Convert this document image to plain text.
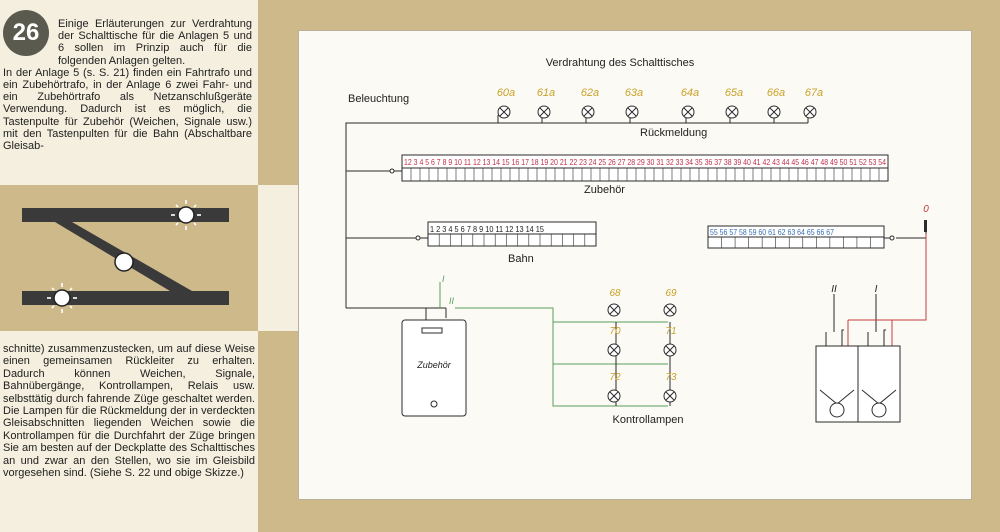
26	Einige Erläuterungen zur Verdrahtung der Schalttische für die Anlagen 5 und 6 sollen im Prinzip auch für die folgenden Anlagen gelten.
In der Anlage 5 (s. S. 21) finden ein Fahrtrafo und ein Zubehörtrafo, in der Anlage 6 zwei Fahr- und ein Zubehörtrafo als Netzanschlußgeräte Verwendung. Dadurch ist es möglich, die Tastenpulte für Zubehör (Weichen, Signale usw.) mit den Tastenpulten für die Bahn (Abschaltbare Gleisab-
schnitte) zusammenzustecken, um auf diese Weise einen gemeinsamen Rückleiter zu erhalten. Dadurch können Weichen, Signale, Bahnübergänge, Kontrollampen, Relais usw. selbsttätig durch fahrende Züge geschaltet werden. Die Lampen für die Rückmeldung der in verdeckten Gleisabschnitten liegenden Weichen sowie die Kontrollampen für die Durchfahrt der Züge bringen Sie am besten auf der Deckplatte des Schalttisches an und zwar an den Stellen, wo sie im Gleisbild vorgesehen sind. (Siehe S. 22 und obige Skizze.)
Verdrahtung des Schalttisches
Beleuchtung	60a 61a 62a 63a	64a 65a 66a 67a
Rückmeldung
12 3 4 5 6 7 8 9 10 11 12 13 14 15 16 17 18 19 20 21 22 23 24 25 26 27 28 29 30 31 32 33 34 35 36 37 38 39 40 41 42 43 44 45 46 47 48 49 50 51 52 53 54
Zubehör
1 2 3 4 5 6 7 8 9 10 11 12 13 14 15
Bahn
55 56 57 58 59 60 61 62 63 64 65 66 67
0
I
II
Zubehör
68	69
70	71
72	73
Kontrollampen
II	I
